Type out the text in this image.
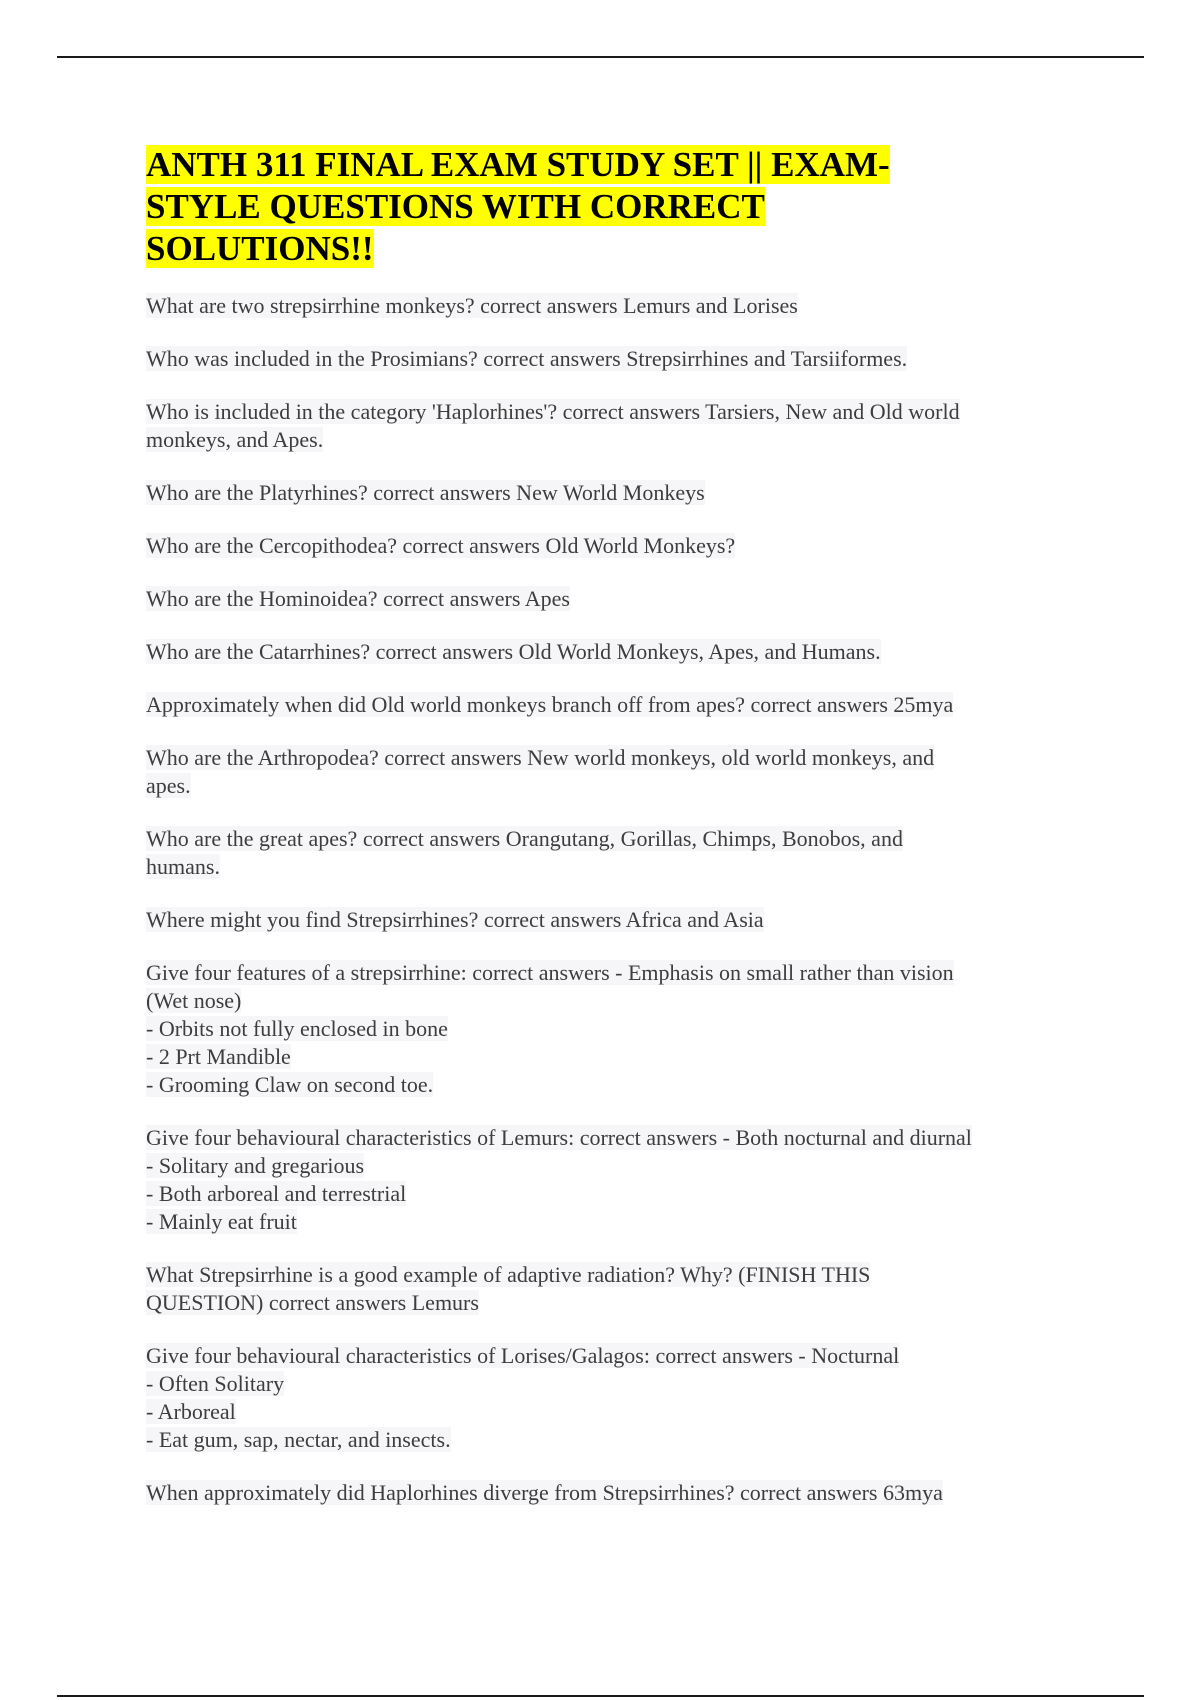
ANTH 311 FINAL EXAM STUDY SET || EXAM-
STYLE QUESTIONS WITH CORRECT
SOLUTIONS!!
What are two strepsirrhine monkeys? correct answers Lemurs and Lorises
Who was included in the Prosimians? correct answers Strepsirrhines and Tarsiiformes.
Who is included in the category 'Haplorhines'? correct answers Tarsiers, New and Old world
monkeys, and Apes.
Who are the Platyrhines? correct answers New World Monkeys
Who are the Cercopithodea? correct answers Old World Monkeys?
Who are the Hominoidea? correct answers Apes
Who are the Catarrhines? correct answers Old World Monkeys, Apes, and Humans.
Approximately when did Old world monkeys branch off from apes? correct answers 25mya
Who are the Arthropodea? correct answers New world monkeys, old world monkeys, and
apes.
Who are the great apes? correct answers Orangutang, Gorillas, Chimps, Bonobos, and
humans.
Where might you find Strepsirrhines? correct answers Africa and Asia
Give four features of a strepsirrhine: correct answers - Emphasis on small rather than vision
(Wet nose)
- Orbits not fully enclosed in bone
- 2 Prt Mandible
- Grooming Claw on second toe.
Give four behavioural characteristics of Lemurs: correct answers - Both nocturnal and diurnal
- Solitary and gregarious
- Both arboreal and terrestrial
- Mainly eat fruit
What Strepsirrhine is a good example of adaptive radiation? Why? (FINISH THIS
QUESTION) correct answers Lemurs
Give four behavioural characteristics of Lorises/Galagos: correct answers - Nocturnal
- Often Solitary
- Arboreal
- Eat gum, sap, nectar, and insects.
When approximately did Haplorhines diverge from Strepsirrhines? correct answers 63mya
